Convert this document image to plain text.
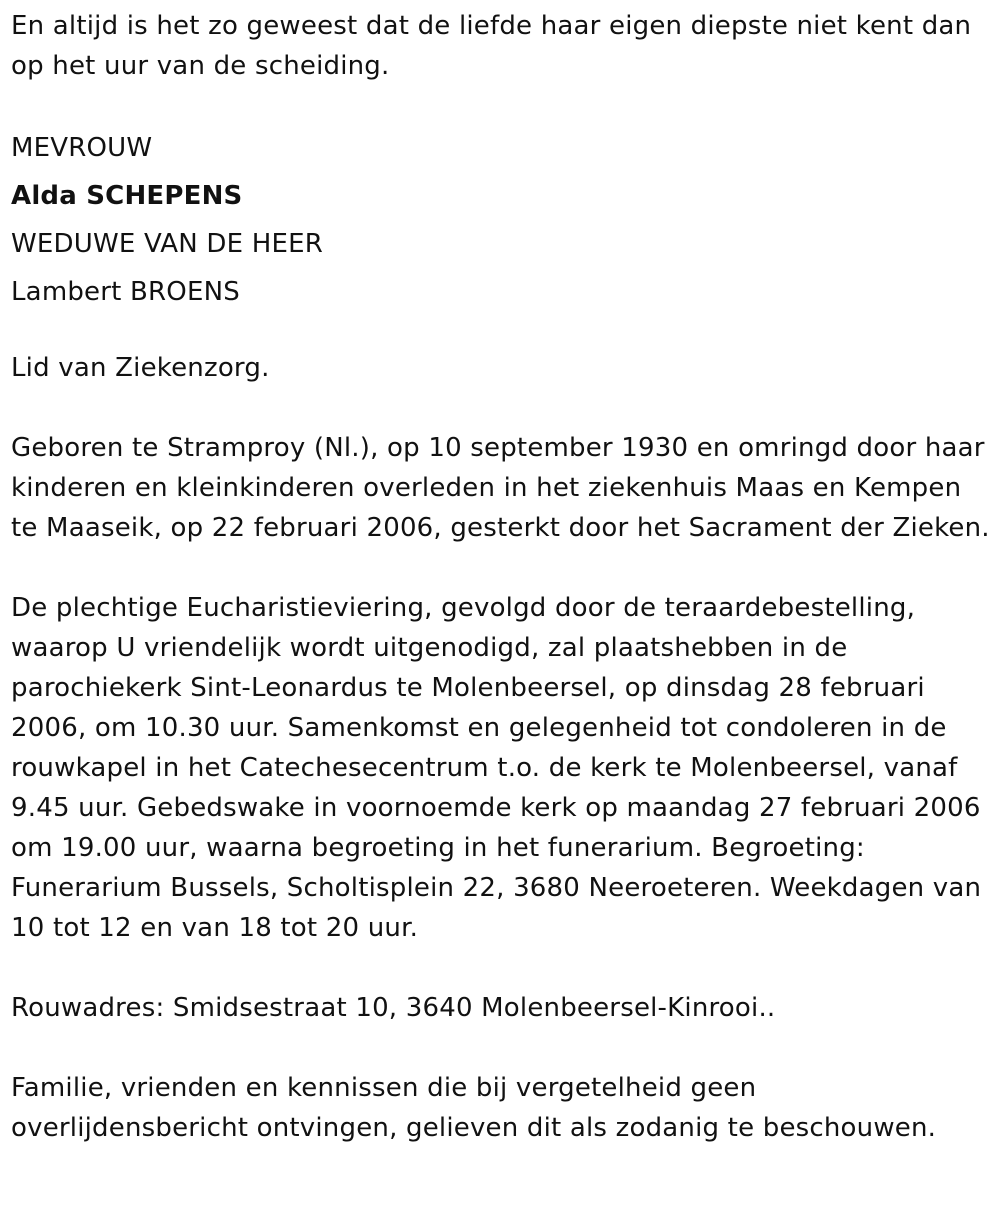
En altijd is het zo geweest dat de liefde haar eigen diepste niet kent dan op het uur van de scheiding.

MEVROUW
Alda SCHEPENS
WEDUWE VAN DE HEER
Lambert BROENS

Lid van Ziekenzorg.

Geboren te Stramproy (Nl.), op 10 september 1930 en omringd door haar kinderen en kleinkinderen overleden in het ziekenhuis Maas en Kempen te Maaseik, op 22 februari 2006, gesterkt door het Sacrament der Zieken.

De plechtige Eucharistieviering, gevolgd door de teraardebestelling, waarop U vriendelijk wordt uitgenodigd, zal plaatshebben in de parochiekerk Sint-Leonardus te Molenbeersel, op dinsdag 28 februari 2006, om 10.30 uur. Samenkomst en gelegenheid tot condoleren in de rouwkapel in het Catechesecentrum t.o. de kerk te Molenbeersel, vanaf 9.45 uur. Gebedswake in voornoemde kerk op maandag 27 februari 2006 om 19.00 uur, waarna begroeting in het funerarium. Begroeting: Funerarium Bussels, Scholtisplein 22, 3680 Neeroeteren. Weekdagen van 10 tot 12 en van 18 tot 20 uur.

Rouwadres: Smidsestraat 10, 3640 Molenbeersel-Kinrooi..

Familie, vrienden en kennissen die bij vergetelheid geen overlijdensbericht ontvingen, gelieven dit als zodanig te beschouwen.
